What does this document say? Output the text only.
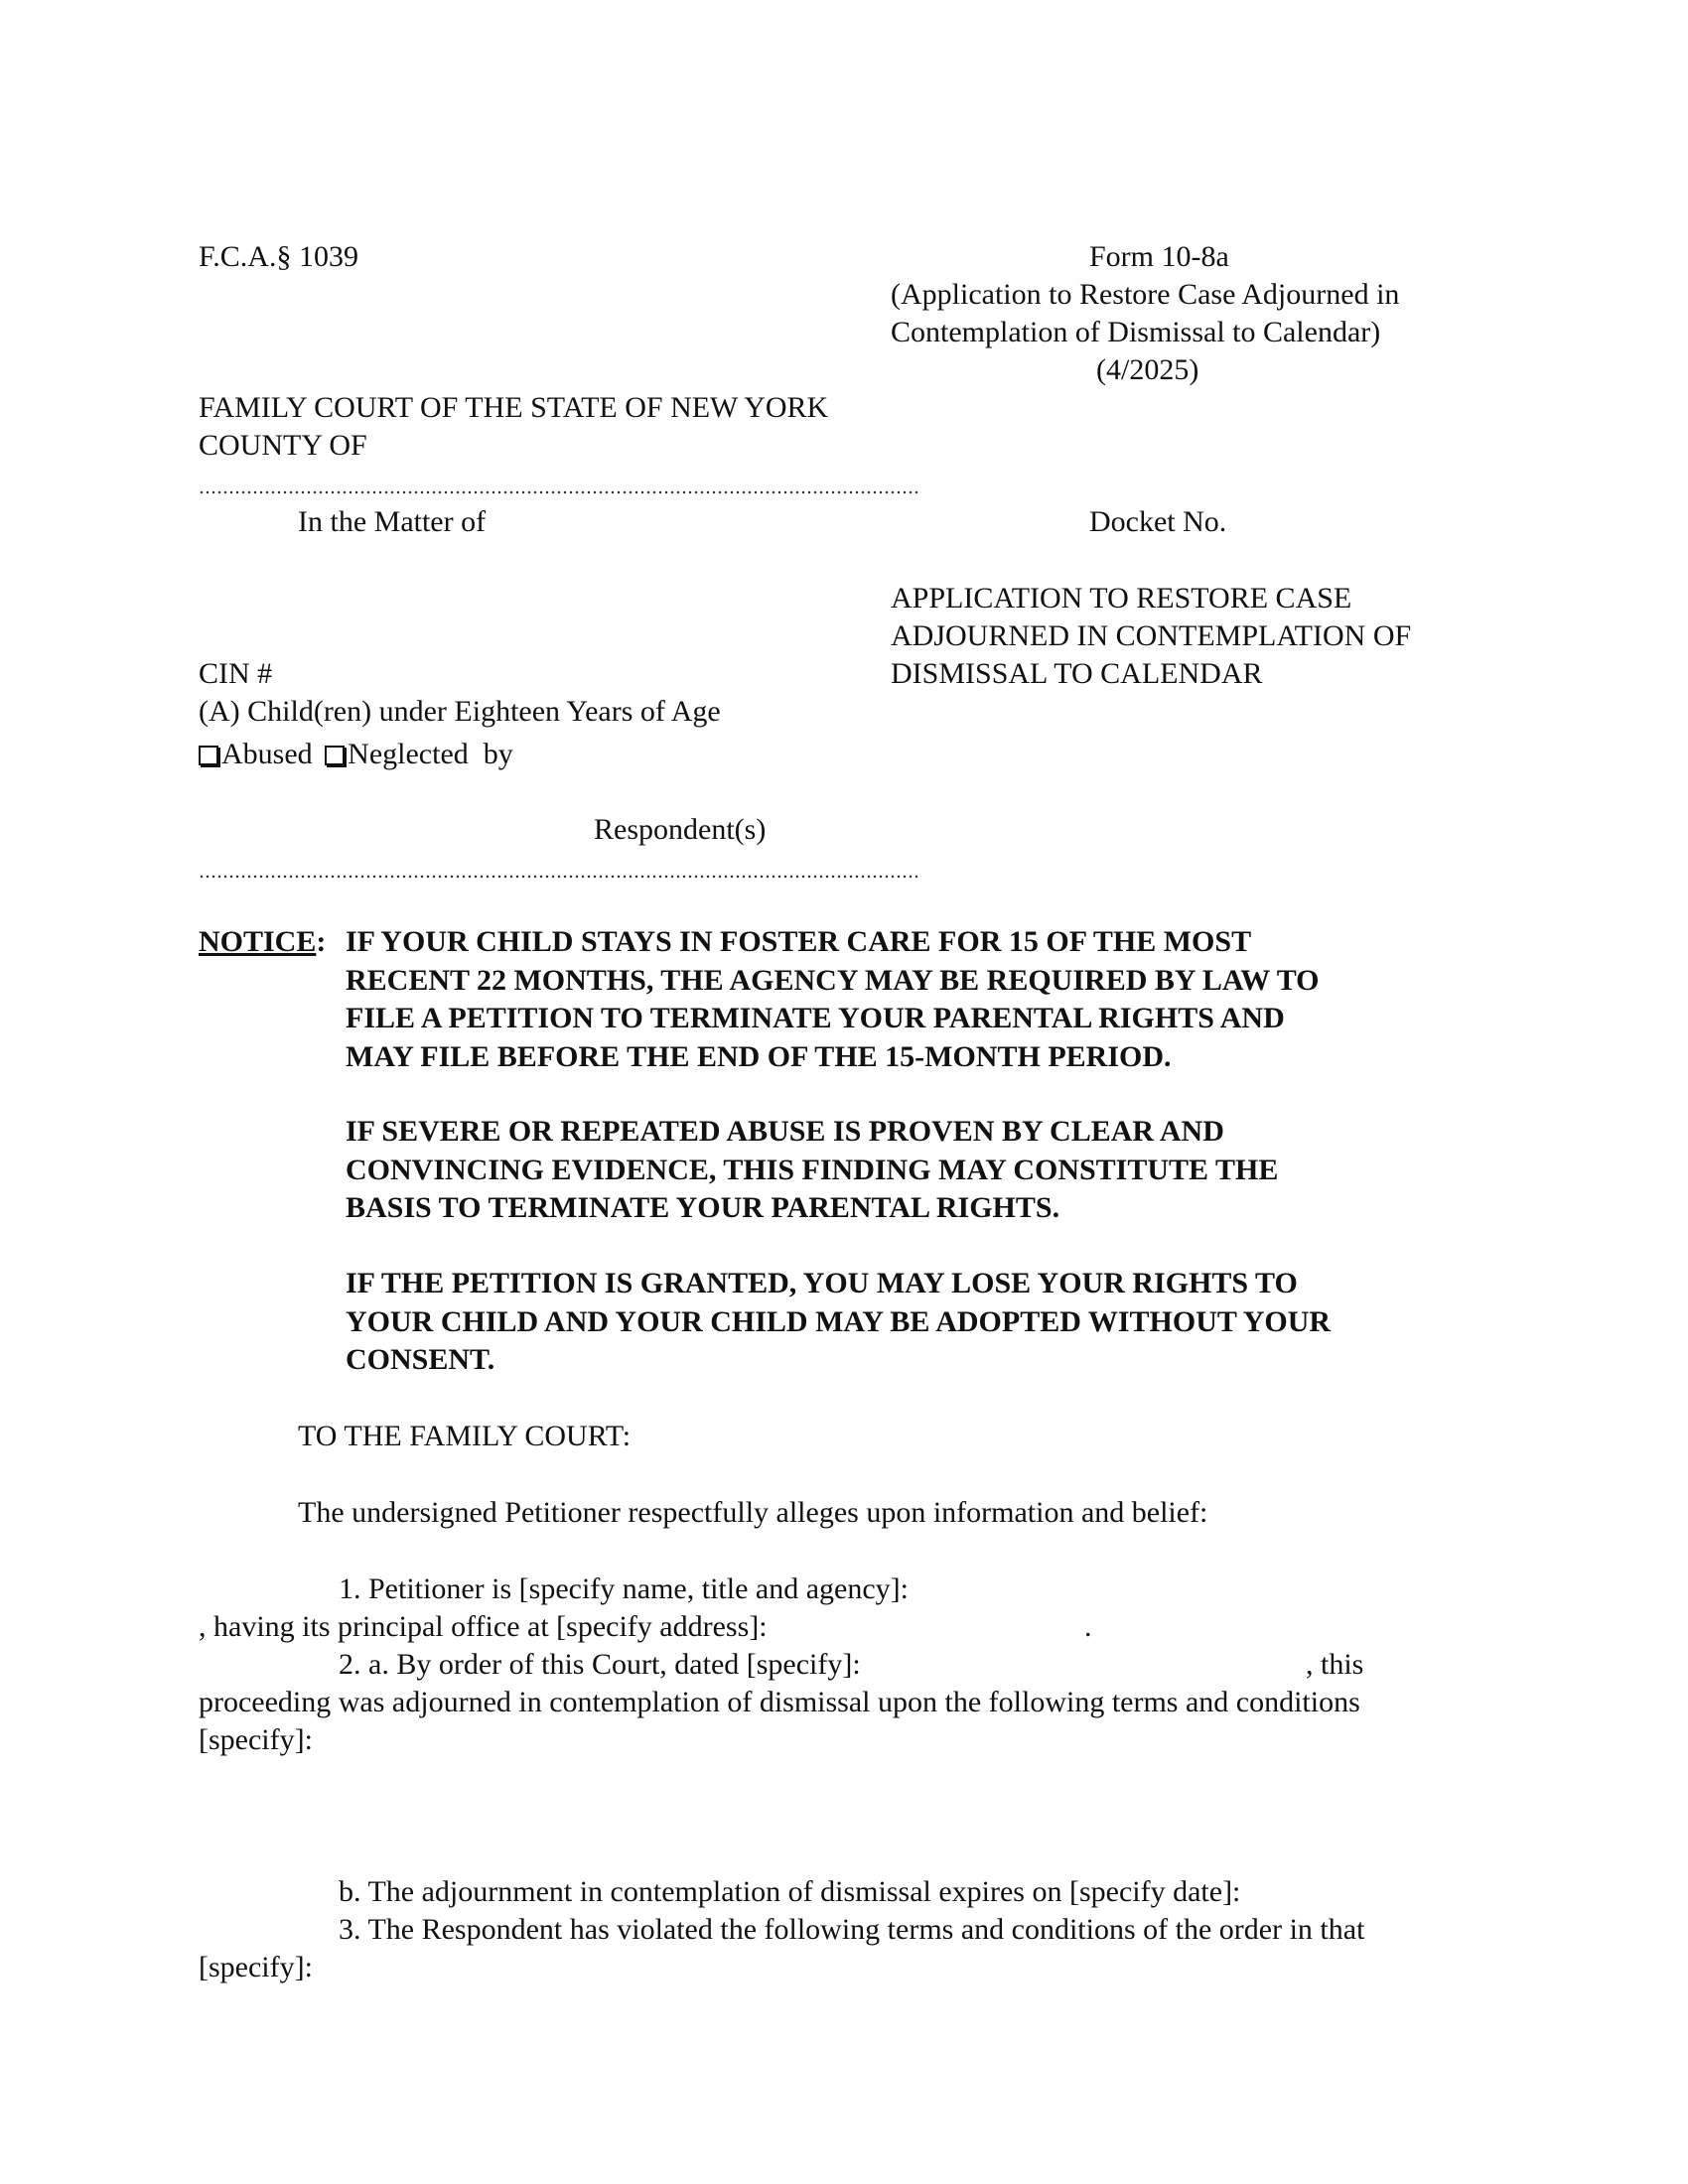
F.C.A.§ 1039	Form 10-8a

(Application to Restore Case Adjourned in

Contemplation of Dismissal to Calendar)

(4/2025)

FAMILY COURT OF THE STATE OF NEW YORK

COUNTY OF

In the Matter of	Docket No.

APPLICATION TO RESTORE CASE

ADJOURNED IN CONTEMPLATION OF

DISMISSAL TO CALENDAR

CIN #

(A) Child(ren) under Eighteen Years of Age

Abused Neglected by

Respondent(s)

NOTICE: IF YOUR CHILD STAYS IN FOSTER CARE FOR 15 OF THE MOST
RECENT 22 MONTHS, THE AGENCY MAY BE REQUIRED BY LAW TO
FILE A PETITION TO TERMINATE YOUR PARENTAL RIGHTS AND
MAY FILE BEFORE THE END OF THE 15-MONTH PERIOD.
IF SEVERE OR REPEATED ABUSE IS PROVEN BY CLEAR AND
CONVINCING EVIDENCE, THIS FINDING MAY CONSTITUTE THE
BASIS TO TERMINATE YOUR PARENTAL RIGHTS.
IF THE PETITION IS GRANTED, YOU MAY LOSE YOUR RIGHTS TO
YOUR CHILD AND YOUR CHILD MAY BE ADOPTED WITHOUT YOUR
CONSENT.

TO THE FAMILY COURT:

The undersigned Petitioner respectfully alleges upon information and belief:

1. Petitioner is [specify name, title and agency]:

, having its principal office at [specify address]:	.

2. a. By order of this Court, dated [specify]:	, this

proceeding was adjourned in contemplation of dismissal upon the following terms and conditions

[specify]:

b. The adjournment in contemplation of dismissal expires on [specify date]:

3. The Respondent has violated the following terms and conditions of the order in that

[specify]:
